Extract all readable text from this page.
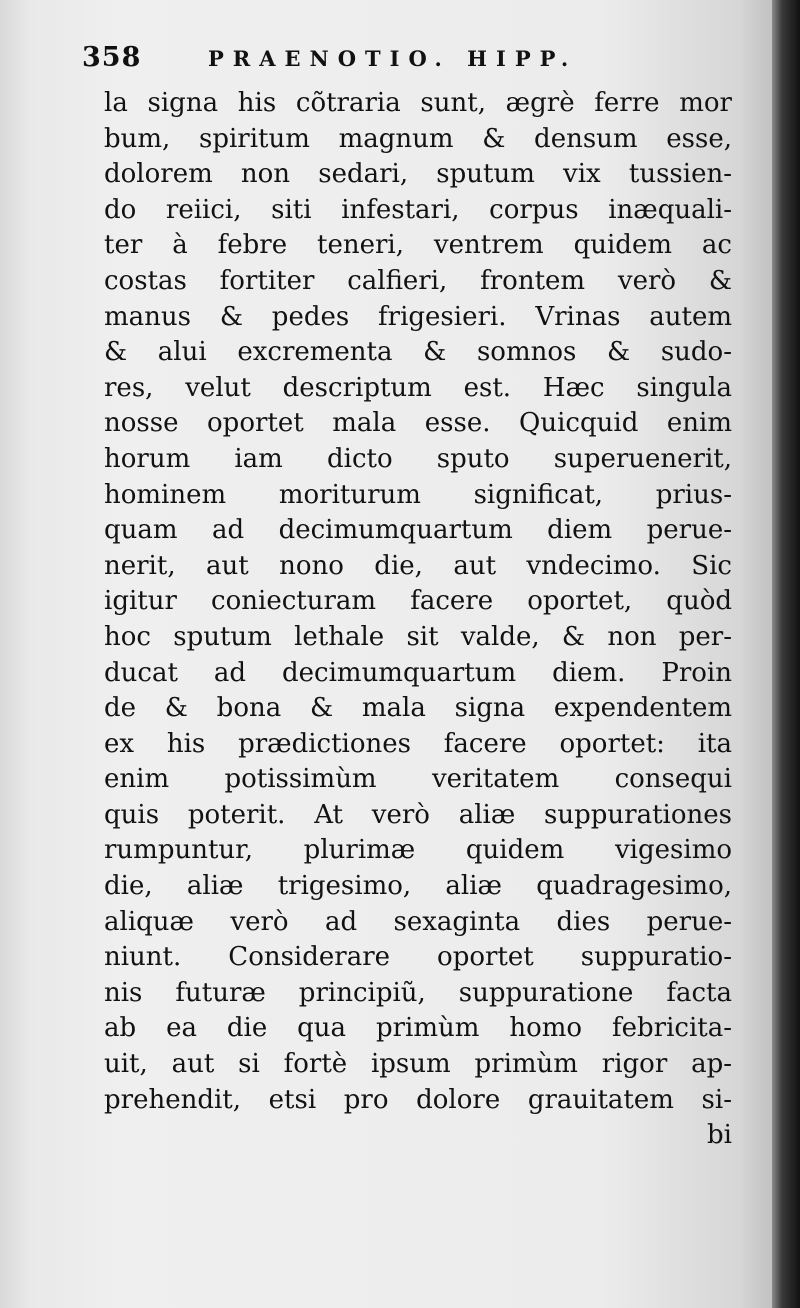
358	PRAENOTIO. HIPP.
la signa his cõtraria sunt, ægrè ferre mor
bum, spiritum magnum & densum esse,
dolorem non sedari, sputum vix tussien-
do reiici, siti infestari, corpus inæquali-
ter à febre teneri, ventrem quidem ac
costas fortiter calfieri, frontem verò &
manus & pedes frigesieri. Vrinas autem
& alui excrementa & somnos & sudo-
res, velut descriptum est. Hæc singula
nosse oportet mala esse. Quicquid enim
horum iam dicto sputo superuenerit,
hominem moriturum significat, prius-
quam ad decimumquartum diem perue-
nerit, aut nono die, aut vndecimo. Sic
igitur coniecturam facere oportet, quòd
hoc sputum lethale sit valde, & non per-
ducat ad decimumquartum diem. Proin
de & bona & mala signa expendentem
ex his prædictiones facere oportet: ita
enim potissimùm veritatem consequi
quis poterit. At verò aliæ suppurationes
rumpuntur, plurimæ quidem vigesimo
die, aliæ trigesimo, aliæ quadragesimo,
aliquæ verò ad sexaginta dies perue-
niunt. Considerare oportet suppuratio-
nis futuræ principiũ, suppuratione facta
ab ea die qua primùm homo febricita-
uit, aut si fortè ipsum primùm rigor ap-
prehendit, etsi pro dolore grauitatem si-
bi
